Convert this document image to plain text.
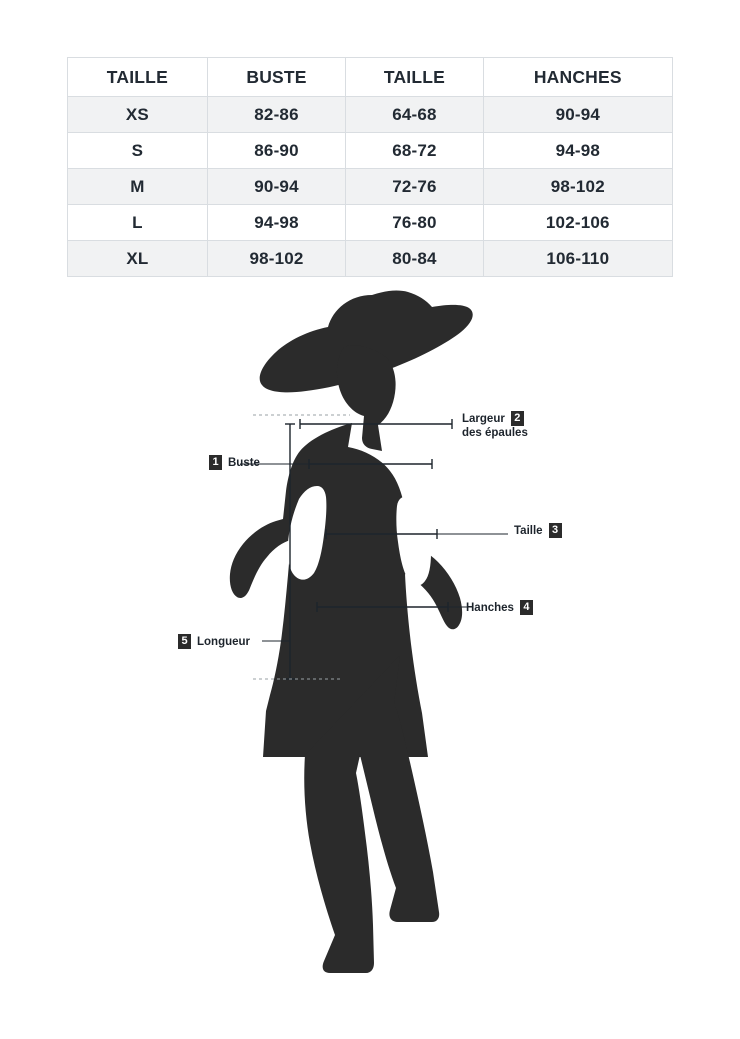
TAILLE	BUSTE	TAILLE	HANCHES
XS	82-86	64-68	90-94
S	86-90	68-72	94-98
M	90-94	72-76	98-102
L	94-98	76-80	102-106
XL	98-102	80-84	106-110
1 Buste
Largeur 2
des épaules
Taille 3
Hanches 4
5 Longueur
